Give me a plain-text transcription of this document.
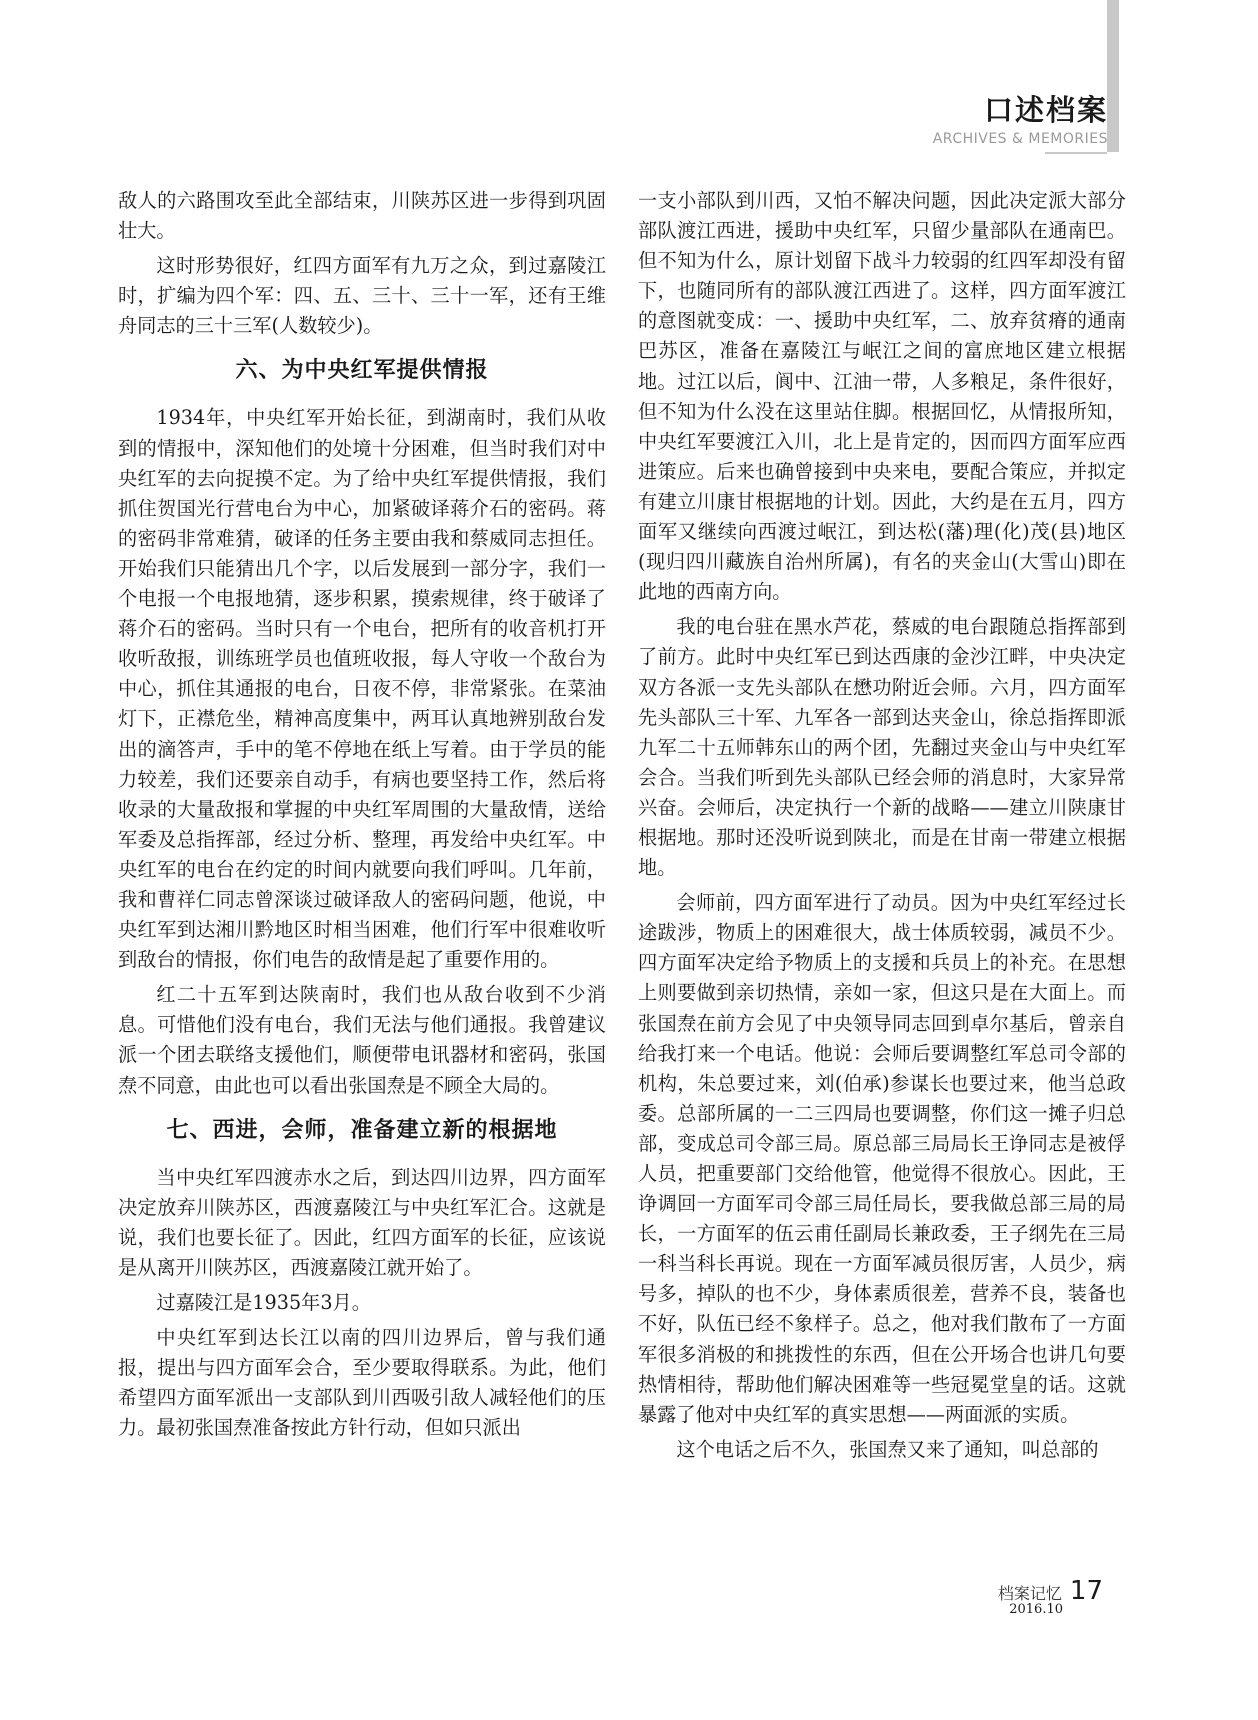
口述档案
ARCHIVES & MEMORIES

敌人的六路围攻至此全部结束，川陕苏区进一步得到巩固壮大。

这时形势很好，红四方面军有九万之众，到过嘉陵江时，扩编为四个军：四、五、三十、三十一军，还有王维舟同志的三十三军(人数较少)。

六、为中央红军提供情报

1934年，中央红军开始长征，到湖南时，我们从收到的情报中，深知他们的处境十分困难，但当时我们对中央红军的去向捉摸不定。为了给中央红军提供情报，我们抓住贺国光行营电台为中心，加紧破译蒋介石的密码。蒋的密码非常难猜，破译的任务主要由我和蔡威同志担任。开始我们只能猜出几个字，以后发展到一部分字，我们一个电报一个电报地猜，逐步积累，摸索规律，终于破译了蒋介石的密码。当时只有一个电台，把所有的收音机打开收听敌报，训练班学员也值班收报，每人守收一个敌台为中心，抓住其通报的电台，日夜不停，非常紧张。在菜油灯下，正襟危坐，精神高度集中，两耳认真地辨别敌台发出的滴答声，手中的笔不停地在纸上写着。由于学员的能力较差，我们还要亲自动手，有病也要坚持工作，然后将收录的大量敌报和掌握的中央红军周围的大量敌情，送给军委及总指挥部，经过分析、整理，再发给中央红军。中央红军的电台在约定的时间内就要向我们呼叫。几年前，我和曹祥仁同志曾深谈过破译敌人的密码问题，他说，中央红军到达湘川黔地区时相当困难，他们行军中很难收听到敌台的情报，你们电告的敌情是起了重要作用的。

红二十五军到达陕南时，我们也从敌台收到不少消息。可惜他们没有电台，我们无法与他们通报。我曾建议派一个团去联络支援他们，顺便带电讯器材和密码，张国焘不同意，由此也可以看出张国焘是不顾全大局的。

七、西进，会师，准备建立新的根据地

当中央红军四渡赤水之后，到达四川边界，四方面军决定放弃川陕苏区，西渡嘉陵江与中央红军汇合。这就是说，我们也要长征了。因此，红四方面军的长征，应该说是从离开川陕苏区，西渡嘉陵江就开始了。

过嘉陵江是1935年3月。

中央红军到达长江以南的四川边界后，曾与我们通报，提出与四方面军会合，至少要取得联系。为此，他们希望四方面军派出一支部队到川西吸引敌人减轻他们的压力。最初张国焘准备按此方针行动，但如只派出

一支小部队到川西，又怕不解决问题，因此决定派大部分部队渡江西进，援助中央红军，只留少量部队在通南巴。但不知为什么，原计划留下战斗力较弱的红四军却没有留下，也随同所有的部队渡江西进了。这样，四方面军渡江的意图就变成：一、援助中央红军，二、放弃贫瘠的通南巴苏区，准备在嘉陵江与岷江之间的富庶地区建立根据地。过江以后，阆中、江油一带，人多粮足，条件很好，但不知为什么没在这里站住脚。根据回忆，从情报所知，中央红军要渡江入川，北上是肯定的，因而四方面军应西进策应。后来也确曾接到中央来电，要配合策应，并拟定有建立川康甘根据地的计划。因此，大约是在五月，四方面军又继续向西渡过岷江，到达松(藩)理(化)茂(县)地区(现归四川藏族自治州所属)，有名的夹金山(大雪山)即在此地的西南方向。

我的电台驻在黑水芦花，蔡威的电台跟随总指挥部到了前方。此时中央红军已到达西康的金沙江畔，中央决定双方各派一支先头部队在懋功附近会师。六月，四方面军先头部队三十军、九军各一部到达夹金山，徐总指挥即派九军二十五师韩东山的两个团，先翻过夹金山与中央红军会合。当我们听到先头部队已经会师的消息时，大家异常兴奋。会师后，决定执行一个新的战略——建立川陕康甘根据地。那时还没听说到陕北，而是在甘南一带建立根据地。

会师前，四方面军进行了动员。因为中央红军经过长途跋涉，物质上的困难很大，战士体质较弱，减员不少。四方面军决定给予物质上的支援和兵员上的补充。在思想上则要做到亲切热情，亲如一家，但这只是在大面上。而张国焘在前方会见了中央领导同志回到卓尔基后，曾亲自给我打来一个电话。他说：会师后要调整红军总司令部的机构，朱总要过来，刘(伯承)参谋长也要过来，他当总政委。总部所属的一二三四局也要调整，你们这一摊子归总部，变成总司令部三局。原总部三局局长王诤同志是被俘人员，把重要部门交给他管，他觉得不很放心。因此，王诤调回一方面军司令部三局任局长，要我做总部三局的局长，一方面军的伍云甫任副局长兼政委，王子纲先在三局一科当科长再说。现在一方面军减员很厉害，人员少，病号多，掉队的也不少，身体素质很差，营养不良，装备也不好，队伍已经不象样子。总之，他对我们散布了一方面军很多消极的和挑拨性的东西，但在公开场合也讲几句要热情相待，帮助他们解决困难等一些冠冕堂皇的话。这就暴露了他对中央红军的真实思想——两面派的实质。

这个电话之后不久，张国焘又来了通知，叫总部的

档案记忆 17
2016.10
